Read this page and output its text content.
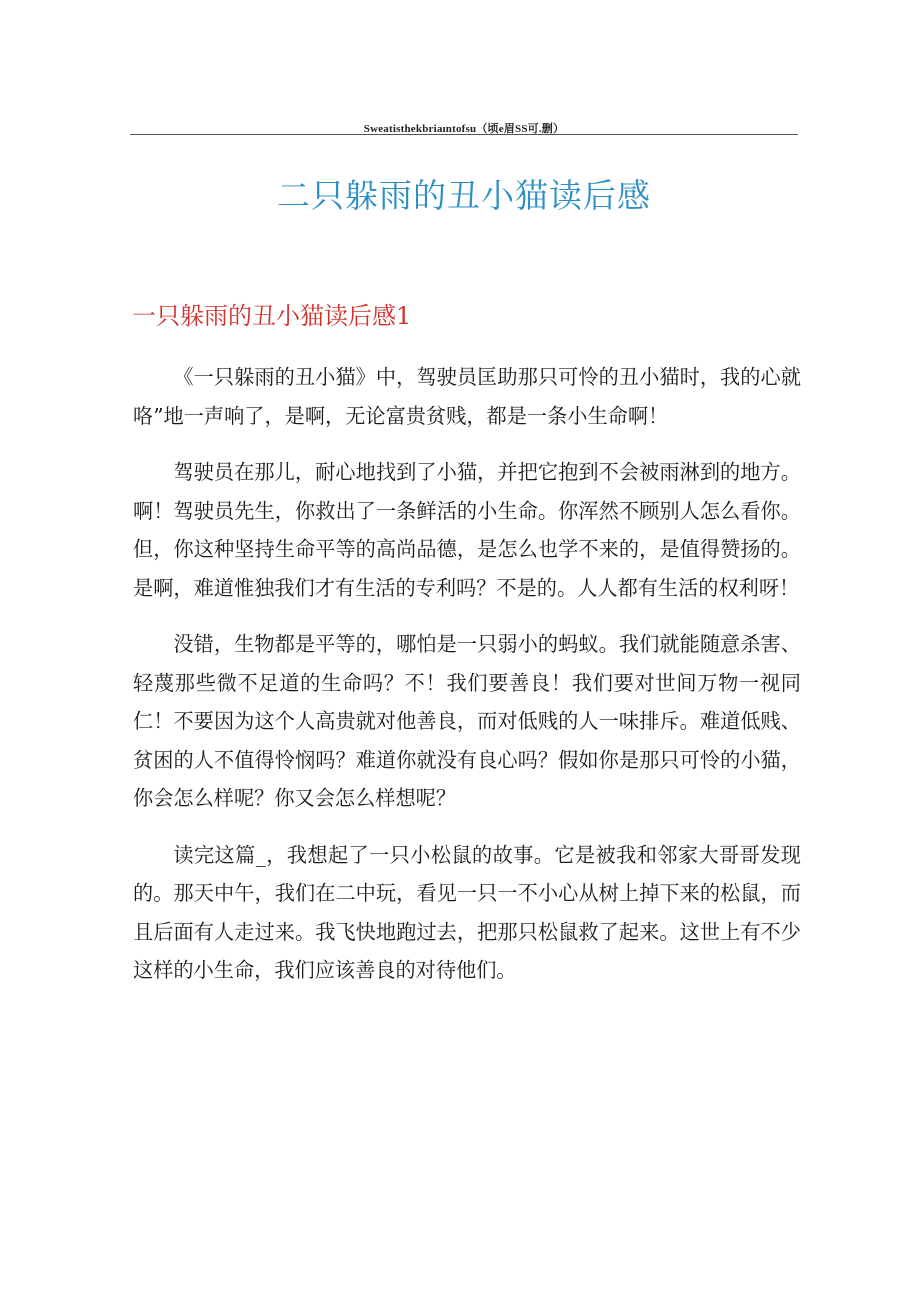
Sweatisthekbriaıntofsu（顷e眉SS可.删）
二只躲雨的丑小猫读后感
一只躲雨的丑小猫读后感1

《一只躲雨的丑小猫》中，驾驶员匡助那只可怜的丑小猫时，我的心就咯”地一声响了，是啊，无论富贵贫贱，都是一条小生命啊！

驾驶员在那儿，耐心地找到了小猫，并把它抱到不会被雨淋到的地方。啊！驾驶员先生，你救出了一条鲜活的小生命。你浑然不顾别人怎么看你。但，你这种坚持生命平等的高尚品德，是怎么也学不来的，是值得赞扬的。是啊，难道惟独我们才有生活的专利吗？不是的。人人都有生活的权利呀！

没错，生物都是平等的，哪怕是一只弱小的蚂蚁。我们就能随意杀害、轻蔑那些微不足道的生命吗？不！我们要善良！我们要对世间万物一视同仁！不要因为这个人高贵就对他善良，而对低贱的人一味排斥。难道低贱、贫困的人不值得怜悯吗？难道你就没有良心吗？假如你是那只可怜的小猫，你会怎么样呢？你又会怎么样想呢？

读完这篇_，我想起了一只小松鼠的故事。它是被我和邻家大哥哥发现的。那天中午，我们在二中玩，看见一只一不小心从树上掉下来的松鼠，而且后面有人走过来。我飞快地跑过去，把那只松鼠救了起来。这世上有不少这样的小生命，我们应该善良的对待他们。
